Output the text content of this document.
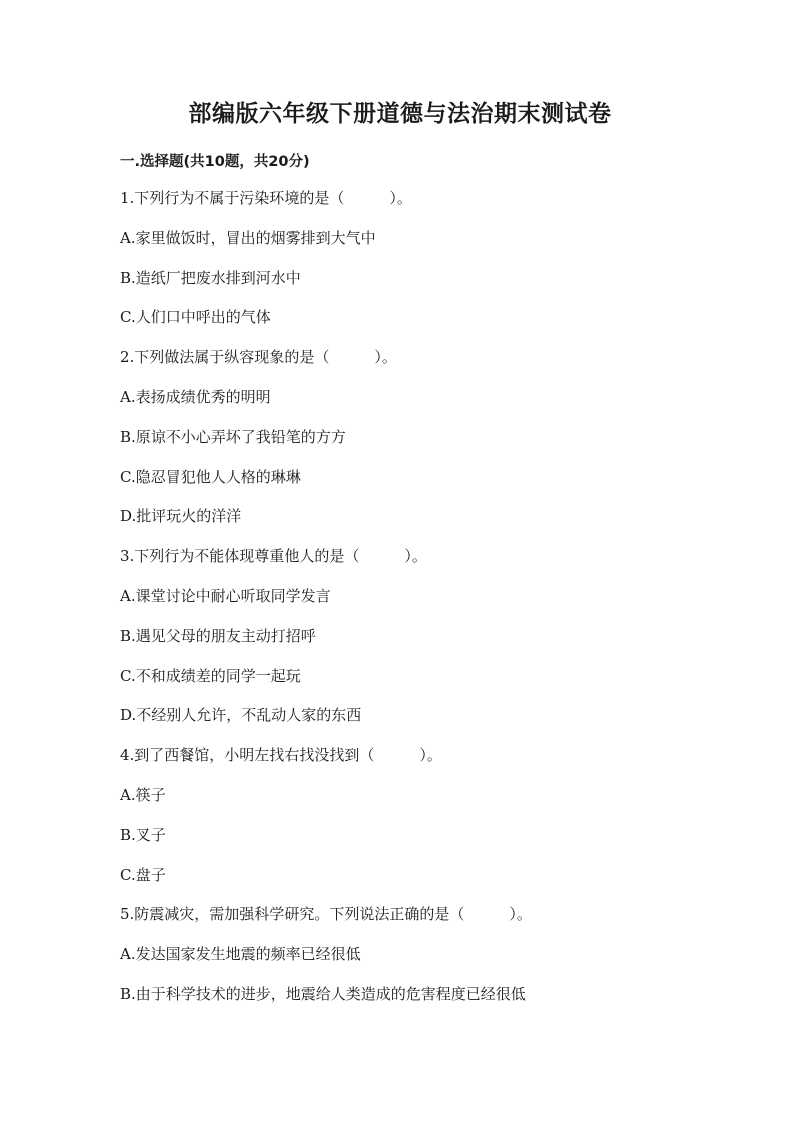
部编版六年级下册道德与法治期末测试卷
一.选择题(共10题，共20分)
1.下列行为不属于污染环境的是（　　　）。
A.家里做饭时，冒出的烟雾排到大气中
B.造纸厂把废水排到河水中
C.人们口中呼出的气体
2.下列做法属于纵容现象的是（　　　）。
A.表扬成绩优秀的明明
B.原谅不小心弄坏了我铅笔的方方
C.隐忍冒犯他人人格的琳琳
D.批评玩火的洋洋
3.下列行为不能体现尊重他人的是（　　　）。
A.课堂讨论中耐心听取同学发言
B.遇见父母的朋友主动打招呼
C.不和成绩差的同学一起玩
D.不经别人允许，不乱动人家的东西
4.到了西餐馆，小明左找右找没找到（　　　）。
A.筷子
B.叉子
C.盘子
5.防震减灾，需加强科学研究。下列说法正确的是（　　　）。
A.发达国家发生地震的频率已经很低
B.由于科学技术的进步，地震给人类造成的危害程度已经很低
